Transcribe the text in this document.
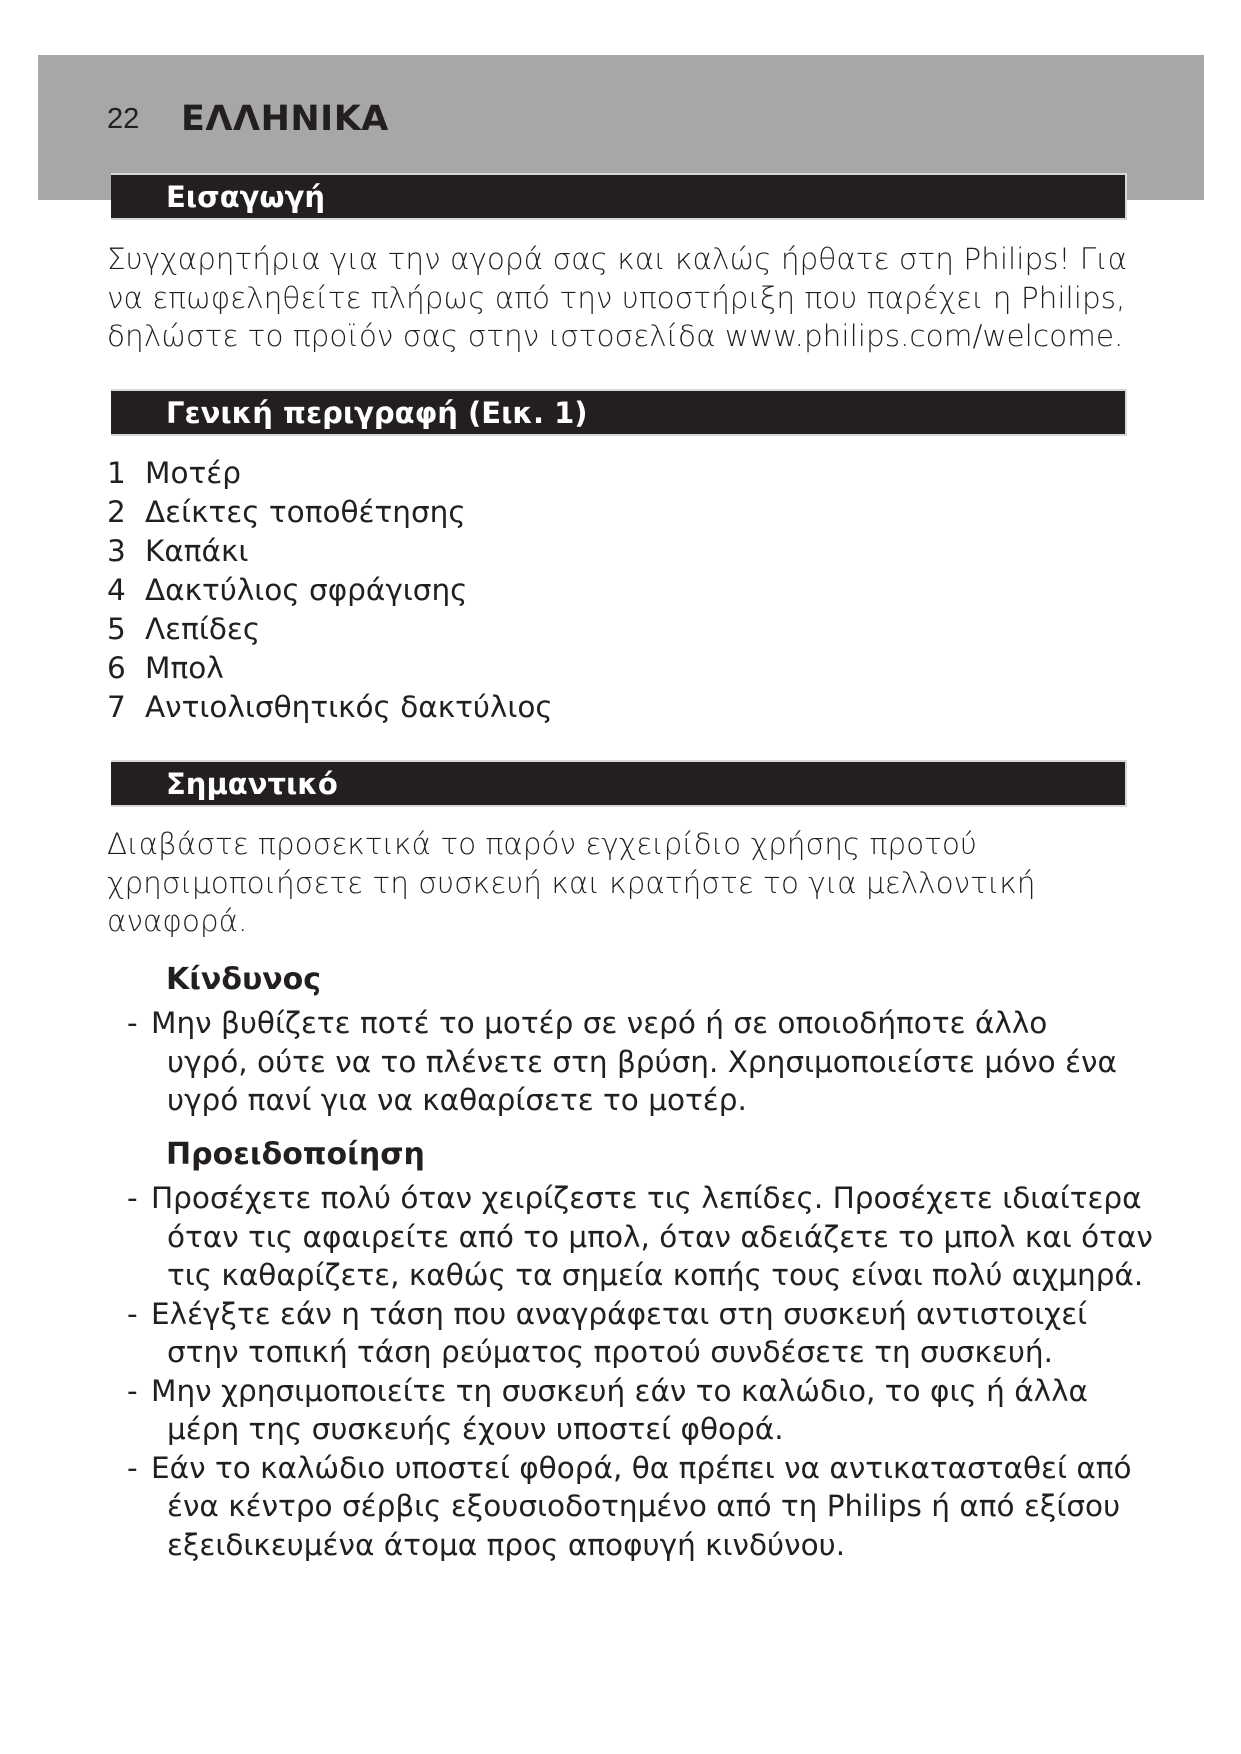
22 ΕΛΛΗΝΙΚΑ
Εισαγωγή

Συγχαρητήρια για την αγορά σας και καλώς ήρθατε στη Philips! Για

να επωφεληθείτε πλήρως από την υποστήριξη που παρέχει η Philips,

δηλώστε το προϊόν σας στην ιστοσελίδα www.philips.com/welcome.

Γενική περιγραφή (Εικ. 1)
1 Μοτέρ
2 Δείκτες τοποθέτησης
3 Καπάκι
4 Δακτύλιος σφράγισης
5 Λεπίδες
6 Μπολ
7 Αντιολισθητικός δακτύλιος
Σημαντικό

Διαβάστε προσεκτικά το παρόν εγχειρίδιο χρήσης προτού

χρησιμοποιήσετε τη συσκευή και κρατήστε το για μελλοντική

αναφορά.

Κίνδυνος
- Μην βυθίζετε ποτέ το μοτέρ σε νερό ή σε οποιοδήποτε άλλο
υγρό, ούτε να το πλένετε στη βρύση. Χρησιμοποιείστε μόνο ένα
υγρό πανί για να καθαρίσετε το μοτέρ.
Προειδοποίηση
- Προσέχετε πολύ όταν χειρίζεστε τις λεπίδες. Προσέχετε ιδιαίτερα
όταν τις αφαιρείτε από το μπολ, όταν αδειάζετε το μπολ και όταν
τις καθαρίζετε, καθώς τα σημεία κοπής τους είναι πολύ αιχμηρά.
- Ελέγξτε εάν η τάση που αναγράφεται στη συσκευή αντιστοιχεί
στην τοπική τάση ρεύματος προτού συνδέσετε τη συσκευή.
- Μην χρησιμοποιείτε τη συσκευή εάν το καλώδιο, το φις ή άλλα
μέρη της συσκευής έχουν υποστεί φθορά.
- Εάν το καλώδιο υποστεί φθορά, θα πρέπει να αντικατασταθεί από
ένα κέντρο σέρβις εξουσιοδοτημένο από τη Philips ή από εξίσου
εξειδικευμένα άτομα προς αποφυγή κινδύνου.
